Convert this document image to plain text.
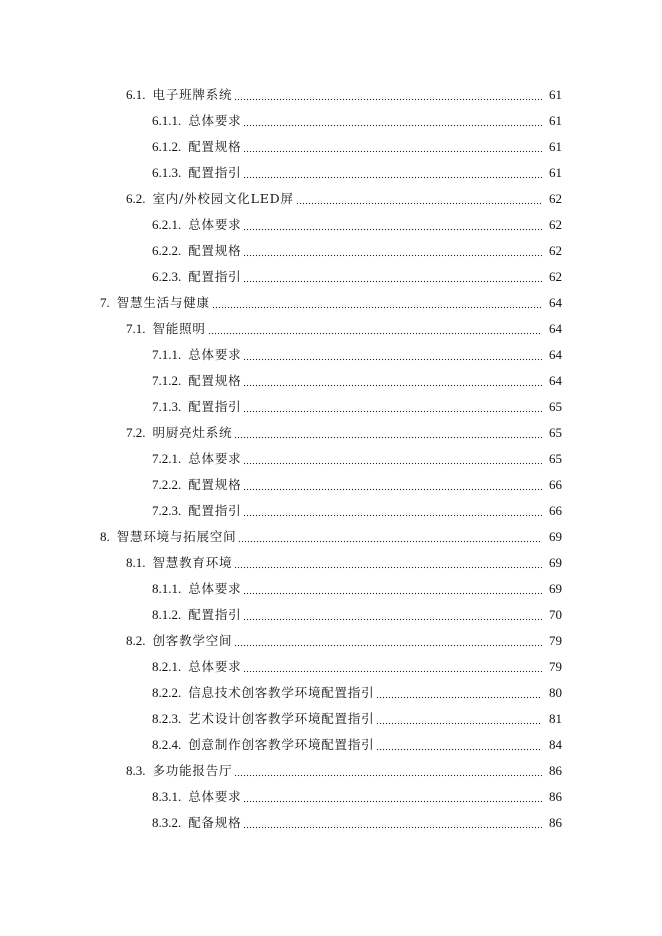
6.1. 电子班牌系统	61
6.1.1. 总体要求	61
6.1.2. 配置规格	61
6.1.3. 配置指引	61
6.2. 室内/外校园文化LED屏	62
6.2.1. 总体要求	62
6.2.2. 配置规格	62
6.2.3. 配置指引	62
7. 智慧生活与健康	64
7.1. 智能照明	64
7.1.1. 总体要求	64
7.1.2. 配置规格	64
7.1.3. 配置指引	65
7.2. 明厨亮灶系统	65
7.2.1. 总体要求	65
7.2.2. 配置规格	66
7.2.3. 配置指引	66
8. 智慧环境与拓展空间	69
8.1. 智慧教育环境	69
8.1.1. 总体要求	69
8.1.2. 配置指引	70
8.2. 创客教学空间	79
8.2.1. 总体要求	79
8.2.2. 信息技术创客教学环境配置指引	80
8.2.3. 艺术设计创客教学环境配置指引	81
8.2.4. 创意制作创客教学环境配置指引	84
8.3. 多功能报告厅	86
8.3.1. 总体要求	86
8.3.2. 配备规格	86
